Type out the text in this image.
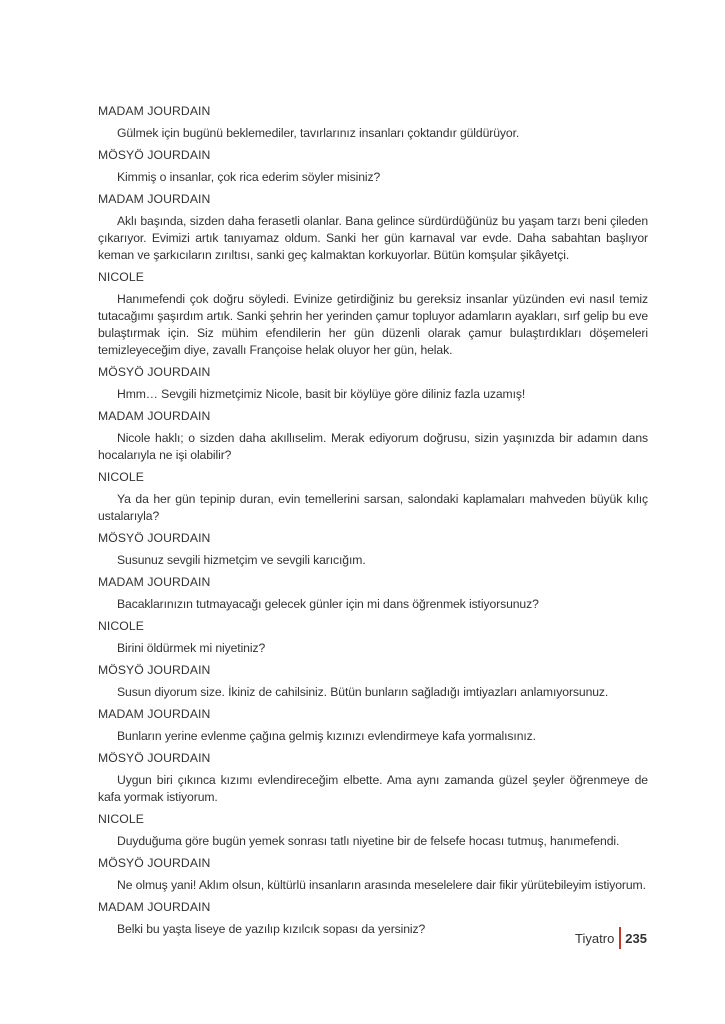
MADAM JOURDAIN

Gülmek için bugünü beklemediler, tavırlarınız insanları çoktandır güldürüyor.

MÖSYÖ JOURDAIN

Kimmiş o insanlar, çok rica ederim söyler misiniz?

MADAM JOURDAIN

Aklı başında, sizden daha ferasetli olanlar. Bana gelince sürdürdüğünüz bu yaşam tarzı beni çileden çıkarıyor. Evimizi artık tanıyamaz oldum. Sanki her gün karnaval var evde. Daha sabahtan başlıyor keman ve şarkıcıların zırıltısı, sanki geç kalmaktan korkuyorlar. Bütün komşular şikâyetçi.

NICOLE

Hanımefendi çok doğru söyledi. Evinize getirdiğiniz bu gereksiz insanlar yüzünden evi nasıl temiz tutacağımı şaşırdım artık. Sanki şehrin her yerinden çamur topluyor adamların ayakları, sırf gelip bu eve bulaştırmak için. Siz mühim efendilerin her gün düzenli olarak çamur bulaştırdıkları döşemeleri temizleyeceğim diye, zavallı Françoise helak oluyor her gün, helak.

MÖSYÖ JOURDAIN

Hmm… Sevgili hizmetçimiz Nicole, basit bir köylüye göre diliniz fazla uzamış!

MADAM JOURDAIN

Nicole haklı; o sizden daha akıllıselim. Merak ediyorum doğrusu, sizin yaşınızda bir adamın dans hocalarıyla ne işi olabilir?

NICOLE

Ya da her gün tepinip duran, evin temellerini sarsan, salondaki kaplamaları mahveden büyük kılıç ustalarıyla?

MÖSYÖ JOURDAIN

Susunuz sevgili hizmetçim ve sevgili karıcığım.

MADAM JOURDAIN

Bacaklarınızın tutmayacağı gelecek günler için mi dans öğrenmek istiyorsunuz?

NICOLE

Birini öldürmek mi niyetiniz?

MÖSYÖ JOURDAIN

Susun diyorum size. İkiniz de cahilsiniz. Bütün bunların sağladığı imtiyazları anlamıyorsunuz.

MADAM JOURDAIN

Bunların yerine evlenme çağına gelmiş kızınızı evlendirmeye kafa yormalısınız.

MÖSYÖ JOURDAIN

Uygun biri çıkınca kızımı evlendireceğim elbette. Ama aynı zamanda güzel şeyler öğrenmeye de kafa yormak istiyorum.

NICOLE

Duyduğuma göre bugün yemek sonrası tatlı niyetine bir de felsefe hocası tutmuş, hanımefendi.

MÖSYÖ JOURDAIN

Ne olmuş yani! Aklım olsun, kültürlü insanların arasında meselelere dair fikir yürütebileyim istiyorum.

MADAM JOURDAIN

Belki bu yaşta liseye de yazılıp kızılcık sopası da yersiniz?

Tiyatro 235
